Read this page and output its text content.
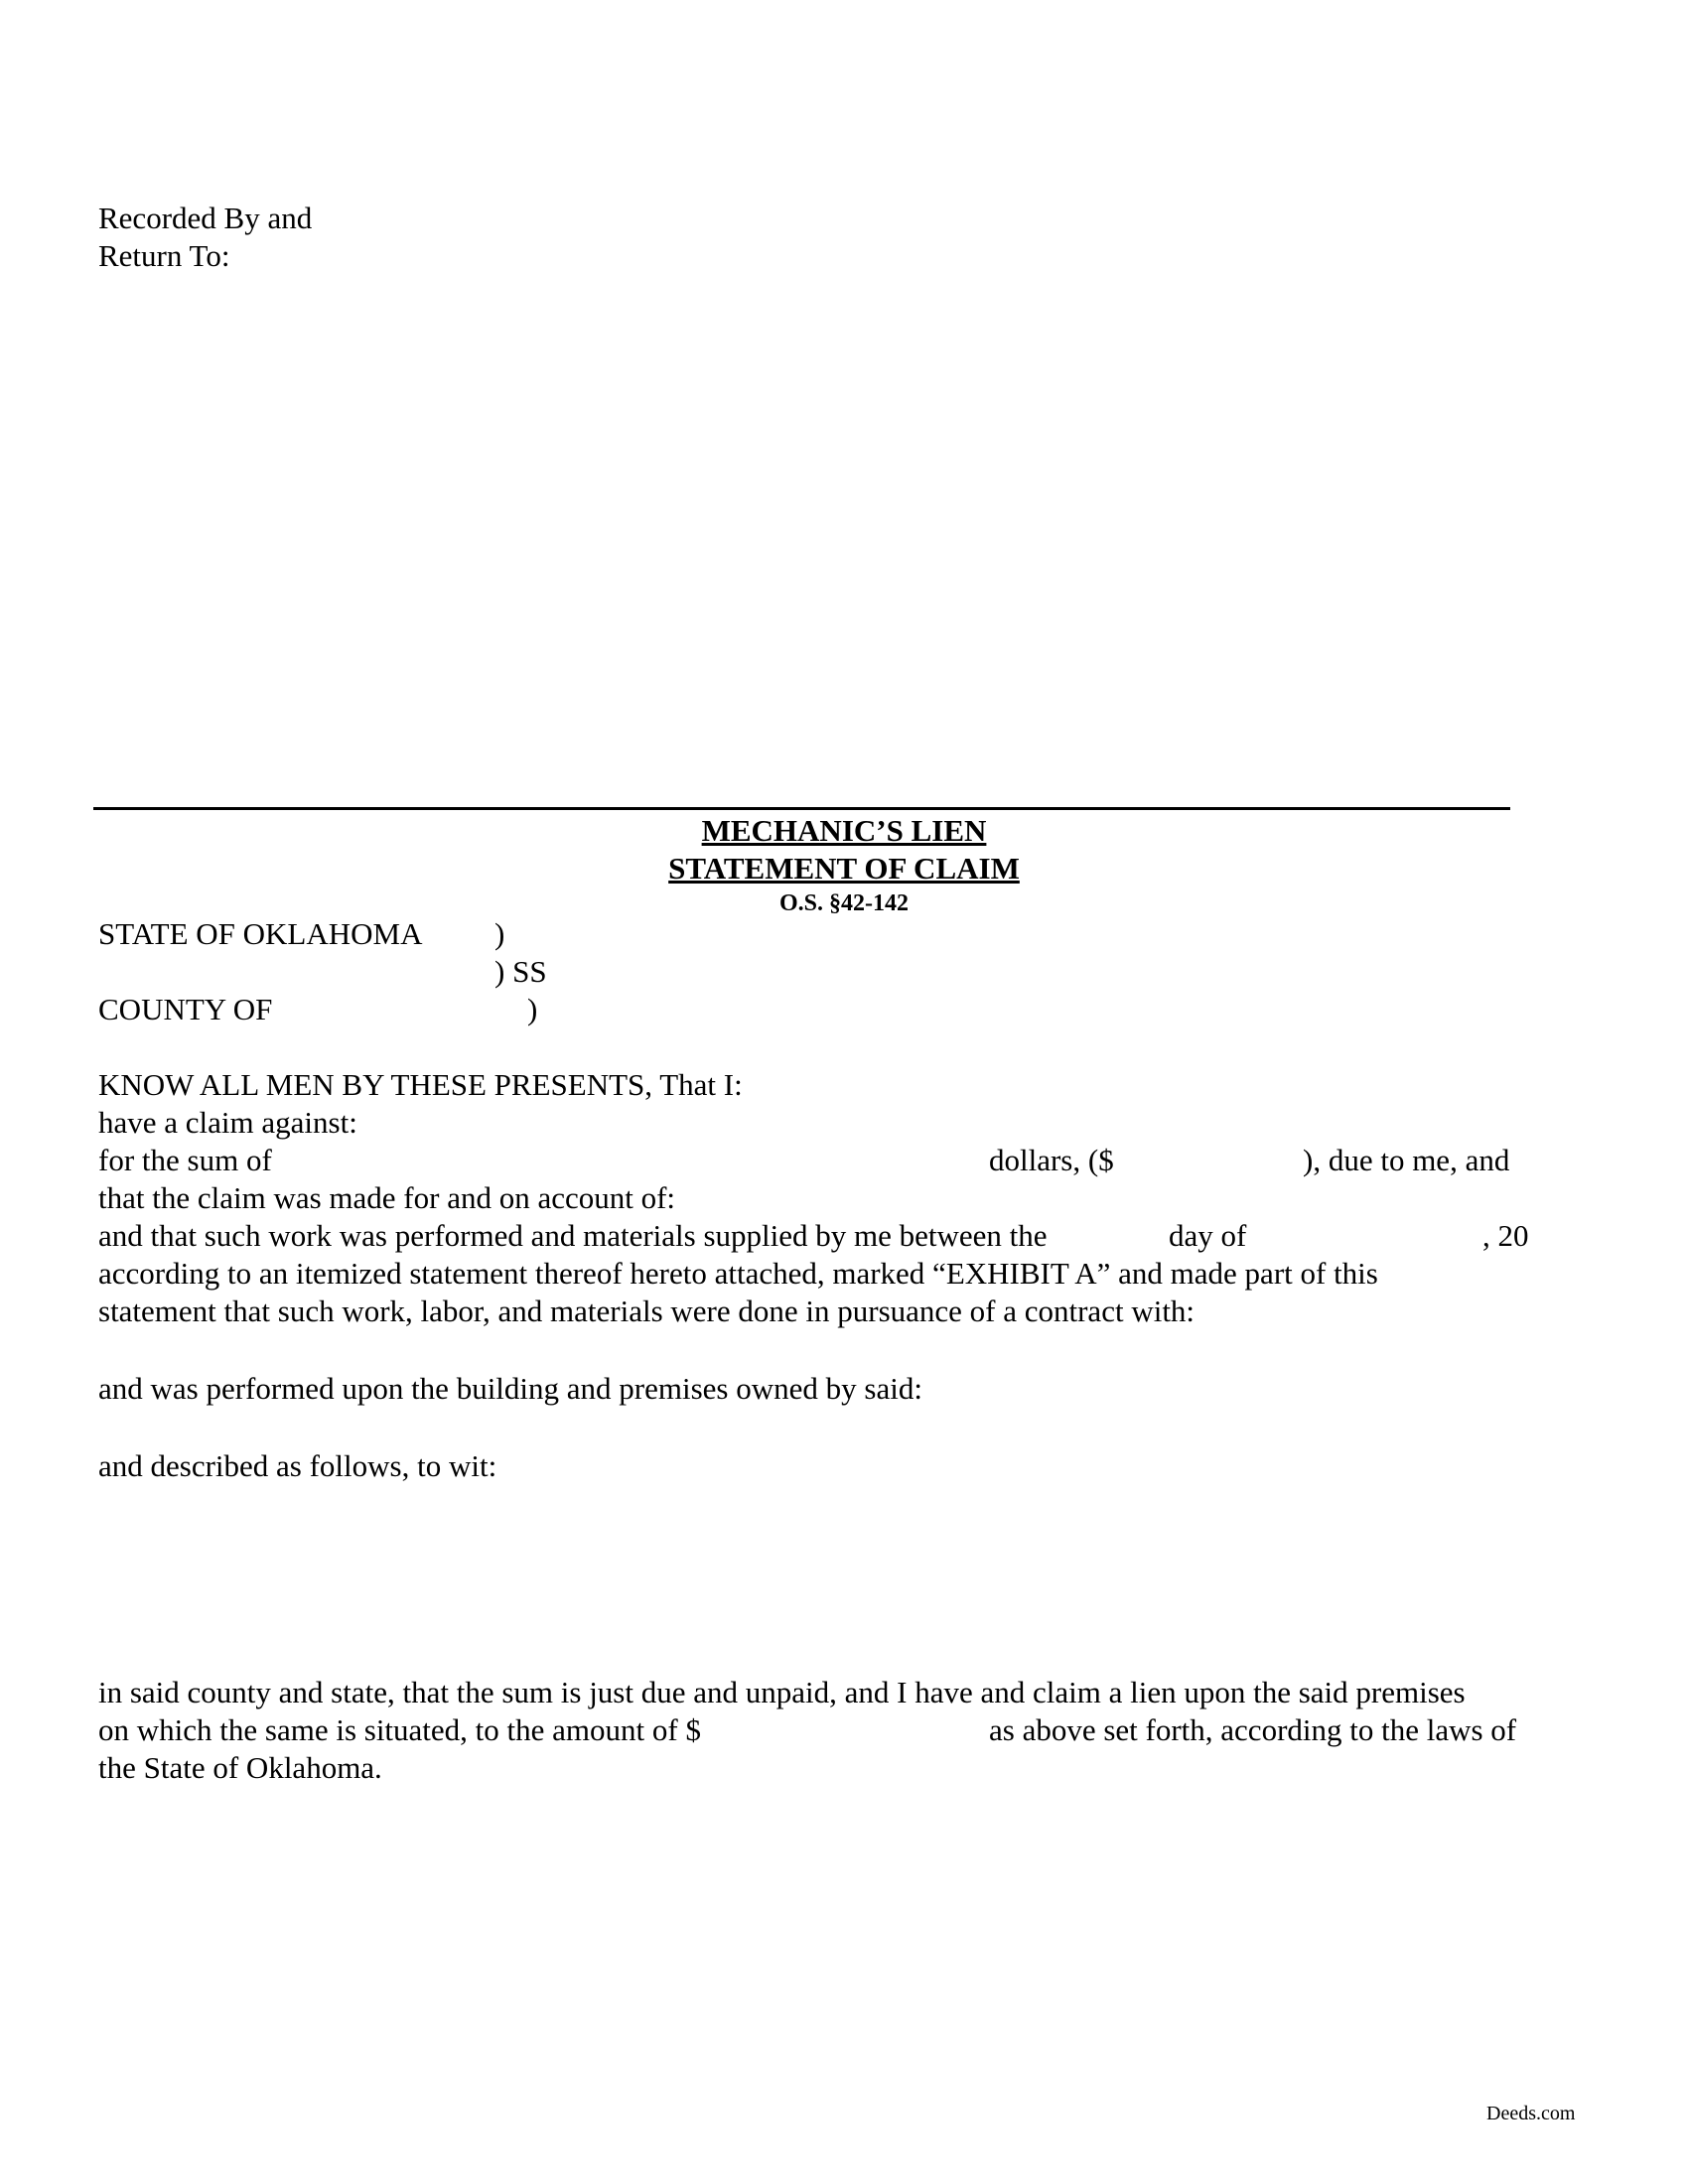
Recorded By and
Return To:
MECHANIC’S LIEN
STATEMENT OF CLAIM
O.S. §42-142
STATE OF OKLAHOMA )
) SS
COUNTY OF	)
KNOW ALL MEN BY THESE PRESENTS, That I:
have a claim against:
for the sum of	dollars, ($	), due to me, and
that the claim was made for and on account of:
and that such work was performed and materials supplied by me between the	day of	, 20
according to an itemized statement thereof hereto attached, marked “EXHIBIT A” and made part of this
statement that such work, labor, and materials were done in pursuance of a contract with:
and was performed upon the building and premises owned by said:
and described as follows, to wit:
in said county and state, that the sum is just due and unpaid, and I have and claim a lien upon the said premises
on which the same is situated, to the amount of $	as above set forth, according to the laws of
the State of Oklahoma.
Deeds.com
